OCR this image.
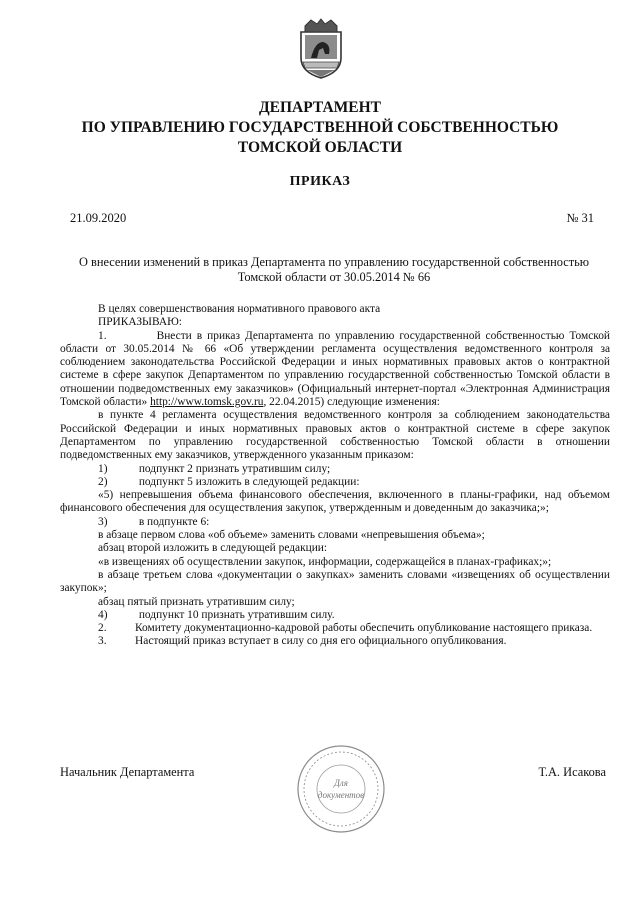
ДЕПАРТАМЕНТ
ПО УПРАВЛЕНИЮ ГОСУДАРСТВЕННОЙ СОБСТВЕННОСТЬЮ
ТОМСКОЙ ОБЛАСТИ
ПРИКАЗ
21.09.2020	№ 31
О внесении изменений в приказ Департамента по управлению государственной собственностью
Томской области от 30.05.2014 № 66

В целях совершенствования нормативного правового акта

ПРИКАЗЫВАЮ:

1.	Внести в приказ Департамента по управлению государственной собственностью Томской области от 30.05.2014 № 66 «Об утверждении регламента осуществления ведомственного контроля за соблюдением законодательства Российской Федерации и иных нормативных правовых актов о контрактной системе в сфере закупок Департаментом по управлению государственной собственностью Томской области в отношении подведомственных ему заказчиков» (Официальный интернет-портал «Электронная Администрация Томской области» http://www.tomsk.gov.ru, 22.04.2015) следующие изменения:

в пункте 4 регламента осуществления ведомственного контроля за соблюдением законодательства Российской Федерации и иных нормативных правовых актов о контрактной системе в сфере закупок Департаментом по управлению государственной собственностью Томской области в отношении подведомственных ему заказчиков, утвержденного указанным приказом:

1)	подпункт 2 признать утратившим силу;

2)	подпункт 5 изложить в следующей редакции:

«5) непревышения объема финансового обеспечения, включенного в планы-графики, над объемом финансового обеспечения для осуществления закупок, утвержденным и доведенным до заказчика;»;

3)	в подпункте 6:

в абзаце первом слова «об объеме» заменить словами «непревышения объема»;

абзац второй изложить в следующей редакции:

«в извещениях об осуществлении закупок, информации, содержащейся в планах-графиках;»;

в абзаце третьем слова «документации о закупках» заменить словами «извещениях об осуществлении закупок»;

абзац пятый признать утратившим силу;

4)	подпункт 10 признать утратившим силу.

2. Комитету документационно-кадровой работы обеспечить опубликование настоящего приказа.

3. Настоящий приказ вступает в силу со дня его официального опубликования.

Начальник Департамента	Т.А. Исакова
Для
документов
